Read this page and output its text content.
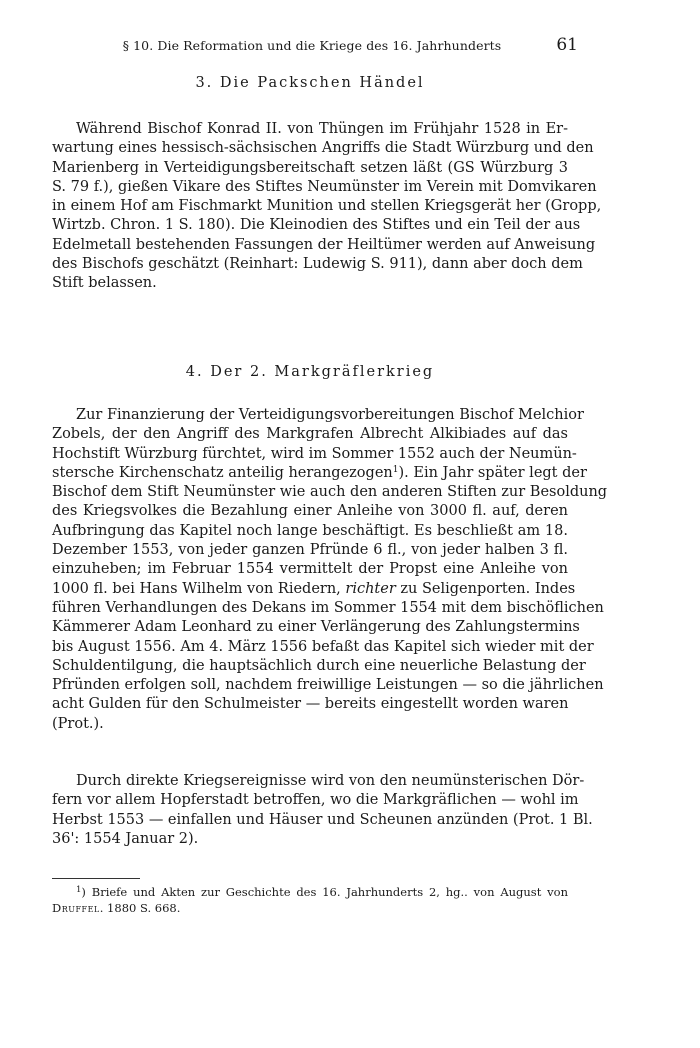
§ 10. Die Reformation und die Kriege des 16. Jahrhunderts	61
3. Die Packschen Händel

Während Bischof Konrad II. von Thüngen im Frühjahr 1528 in Er-
wartung eines hessisch-sächsischen Angriffs die Stadt Würzburg und den
Marienberg in Verteidigungsbereitschaft setzen läßt (GS Würzburg 3
S. 79 f.), gießen Vikare des Stiftes Neumünster im Verein mit Domvikaren
in einem Hof am Fischmarkt Munition und stellen Kriegsgerät her (Gropp,
Wirtzb. Chron. 1 S. 180). Die Kleinodien des Stiftes und ein Teil der aus
Edelmetall bestehenden Fassungen der Heiltümer werden auf Anweisung
des Bischofs geschätzt (Reinhart: Ludewig S. 911), dann aber doch dem
Stift belassen.

4. Der 2. Markgräflerkrieg

Zur Finanzierung der Verteidigungsvorbereitungen Bischof Melchior
Zobels, der den Angriff des Markgrafen Albrecht Alkibiades auf das
Hochstift Würzburg fürchtet, wird im Sommer 1552 auch der Neumün-
stersche Kirchenschatz anteilig herangezogen$^1$). Ein Jahr später legt der
Bischof dem Stift Neumünster wie auch den anderen Stiften zur Besoldung
des Kriegsvolkes die Bezahlung einer Anleihe von 3000 fl. auf, deren
Aufbringung das Kapitel noch lange beschäftigt. Es beschließt am 18.
Dezember 1553, von jeder ganzen Pfründe 6 fl., von jeder halben 3 fl.
einzuheben; im Februar 1554 vermittelt der Propst eine Anleihe von
1000 fl. bei Hans Wilhelm von Riedern, richter zu Seligenporten. Indes
führen Verhandlungen des Dekans im Sommer 1554 mit dem bischöflichen
Kämmerer Adam Leonhard zu einer Verlängerung des Zahlungstermins
bis August 1556. Am 4. März 1556 befaßt das Kapitel sich wieder mit der
Schuldentilgung, die hauptsächlich durch eine neuerliche Belastung der
Pfründen erfolgen soll, nachdem freiwillige Leistungen — so die jährlichen
acht Gulden für den Schulmeister — bereits eingestellt worden waren
(Prot.).

Durch direkte Kriegsereignisse wird von den neumünsterischen Dör-
fern vor allem Hopferstadt betroffen, wo die Markgräflichen — wohl im
Herbst 1553 — einfallen und Häuser und Scheunen anzünden (Prot. 1 Bl.
36': 1554 Januar 2).

$^1$) Briefe und Akten zur Geschichte des 16. Jahrhunderts 2, hg.. von August von
Druffel. 1880 S. 668.
